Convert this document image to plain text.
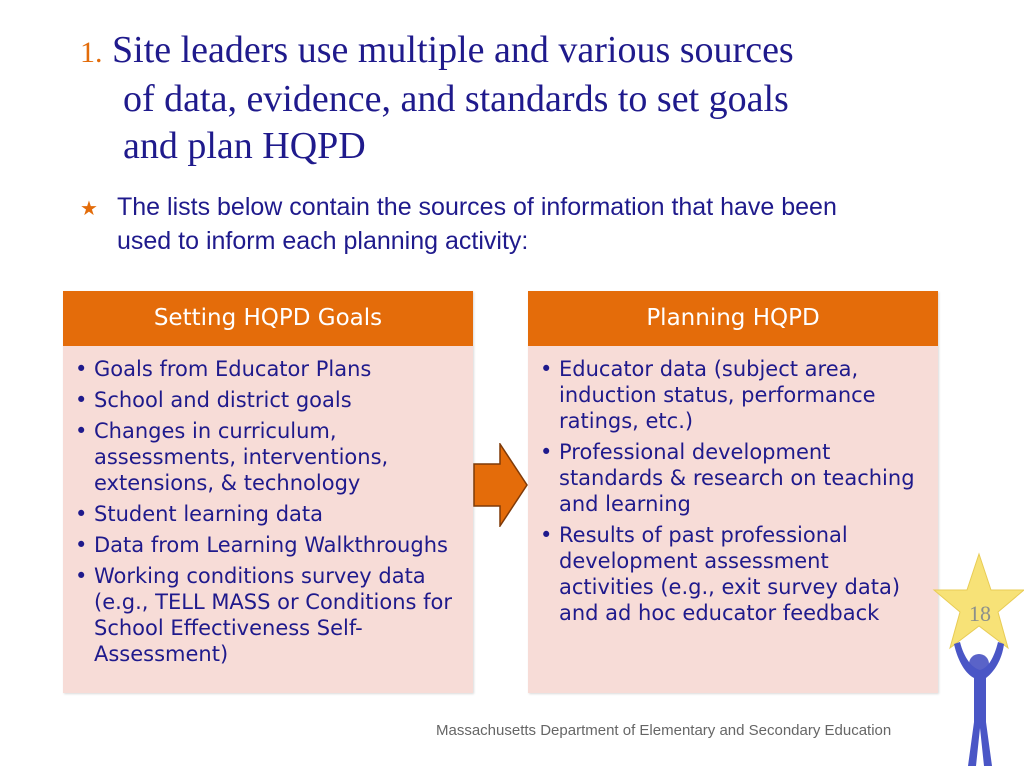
1. Site leaders use multiple and various sources
of data, evidence, and standards to set goals
and plan HQPD
★ The lists below contain the sources of information that have been
used to inform each planning activity:
Setting HQPD Goals
• Goals from Educator Plans
• School and district goals
• Changes in curriculum, assessments, interventions, extensions, & technology
• Student learning data
• Data from Learning Walkthroughs
• Working conditions survey data (e.g., TELL MASS or Conditions for School Effectiveness Self-Assessment)
Planning HQPD
• Educator data (subject area, induction status, performance ratings, etc.)
• Professional development standards & research on teaching and learning
• Results of past professional development assessment activities (e.g., exit survey data) and ad hoc educator feedback
Massachusetts Department of Elementary and Secondary Education
18
